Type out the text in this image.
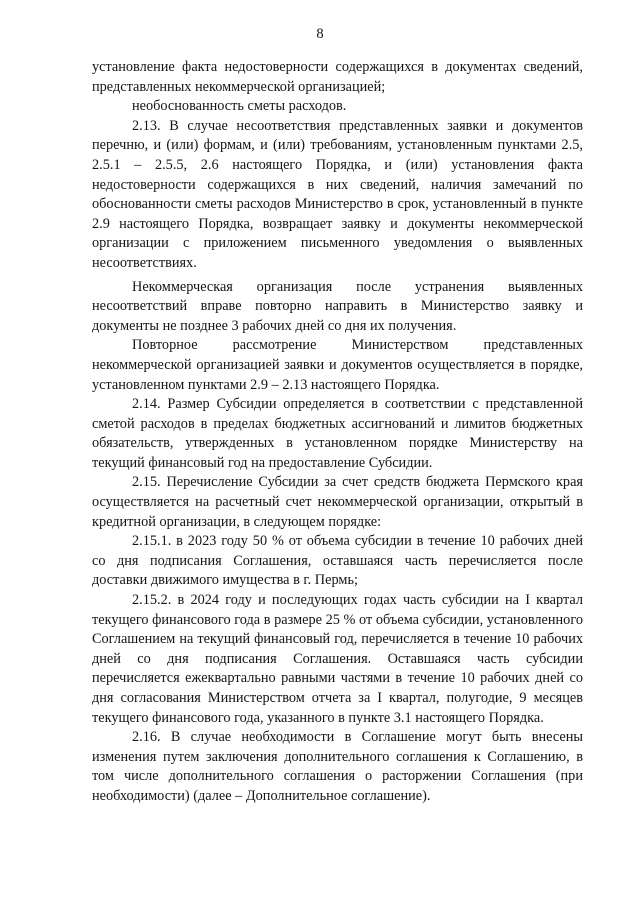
8

установление факта недостоверности содержащихся в документах сведений, представленных некоммерческой организацией;

необоснованность сметы расходов.

2.13. В случае несоответствия представленных заявки и документов перечню, и (или) формам, и (или) требованиям, установленным пунктами 2.5, 2.5.1 – 2.5.5, 2.6 настоящего Порядка, и (или) установления факта недостоверности содержащихся в них сведений, наличия замечаний по обоснованности сметы расходов Министерство в срок, установленный в пункте 2.9 настоящего Порядка, возвращает заявку и документы некоммерческой организации с приложением письменного уведомления о выявленных несоответствиях.

Некоммерческая организация после устранения выявленных несоответствий вправе повторно направить в Министерство заявку и документы не позднее 3 рабочих дней со дня их получения.

Повторное рассмотрение Министерством представленных некоммерческой организацией заявки и документов осуществляется в порядке, установленном пунктами 2.9 – 2.13 настоящего Порядка.

2.14. Размер Субсидии определяется в соответствии с представленной сметой расходов в пределах бюджетных ассигнований и лимитов бюджетных обязательств, утвержденных в установленном порядке Министерству на текущий финансовый год на предоставление Субсидии.

2.15. Перечисление Субсидии за счет средств бюджета Пермского края осуществляется на расчетный счет некоммерческой организации, открытый в кредитной организации, в следующем порядке:

2.15.1. в 2023 году 50 % от объема субсидии в течение 10 рабочих дней со дня подписания Соглашения, оставшаяся часть перечисляется после доставки движимого имущества в г. Пермь;

2.15.2. в 2024 году и последующих годах часть субсидии на I квартал текущего финансового года в размере 25 % от объема субсидии, установленного Соглашением на текущий финансовый год, перечисляется в течение 10 рабочих дней со дня подписания Соглашения. Оставшаяся часть субсидии перечисляется ежеквартально равными частями в течение 10 рабочих дней со дня согласования Министерством отчета за I квартал, полугодие, 9 месяцев текущего финансового года, указанного в пункте 3.1 настоящего Порядка.

2.16. В случае необходимости в Соглашение могут быть внесены изменения путем заключения дополнительного соглашения к Соглашению, в том числе дополнительного соглашения о расторжении Соглашения (при необходимости) (далее – Дополнительное соглашение).
